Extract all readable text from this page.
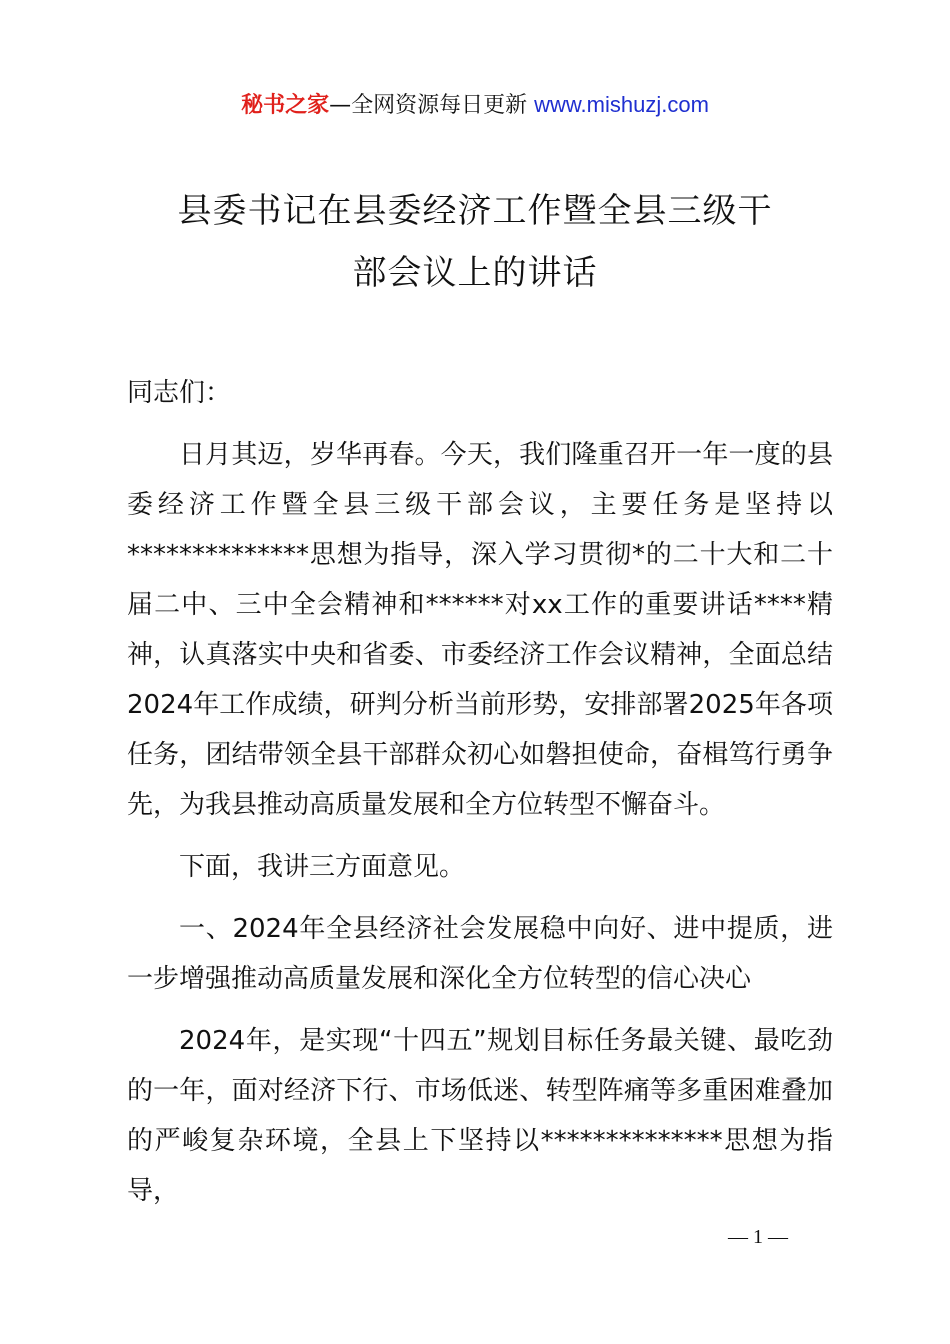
秘书之家—全网资源每日更新 www.mishuzj.com
县委书记在县委经济工作暨全县三级干
部会议上的讲话

同志们：

日月其迈，岁华再春。今天，我们隆重召开一年一度的县委经济工作暨全县三级干部会议，主要任务是坚持以**************思想为指导，深入学习贯彻*的二十大和二十届二中、三中全会精神和******对xx工作的重要讲话****精神，认真落实中央和省委、市委经济工作会议精神，全面总结2024年工作成绩，研判分析当前形势，安排部署2025年各项任务，团结带领全县干部群众初心如磐担使命，奋楫笃行勇争先，为我县推动高质量发展和全方位转型不懈奋斗。

下面，我讲三方面意见。

一、2024年全县经济社会发展稳中向好、进中提质，进一步增强推动高质量发展和深化全方位转型的信心决心

2024年，是实现“十四五”规划目标任务最关键、最吃劲的一年，面对经济下行、市场低迷、转型阵痛等多重困难叠加的严峻复杂环境，全县上下坚持以**************思想为指导，

— 1 —
